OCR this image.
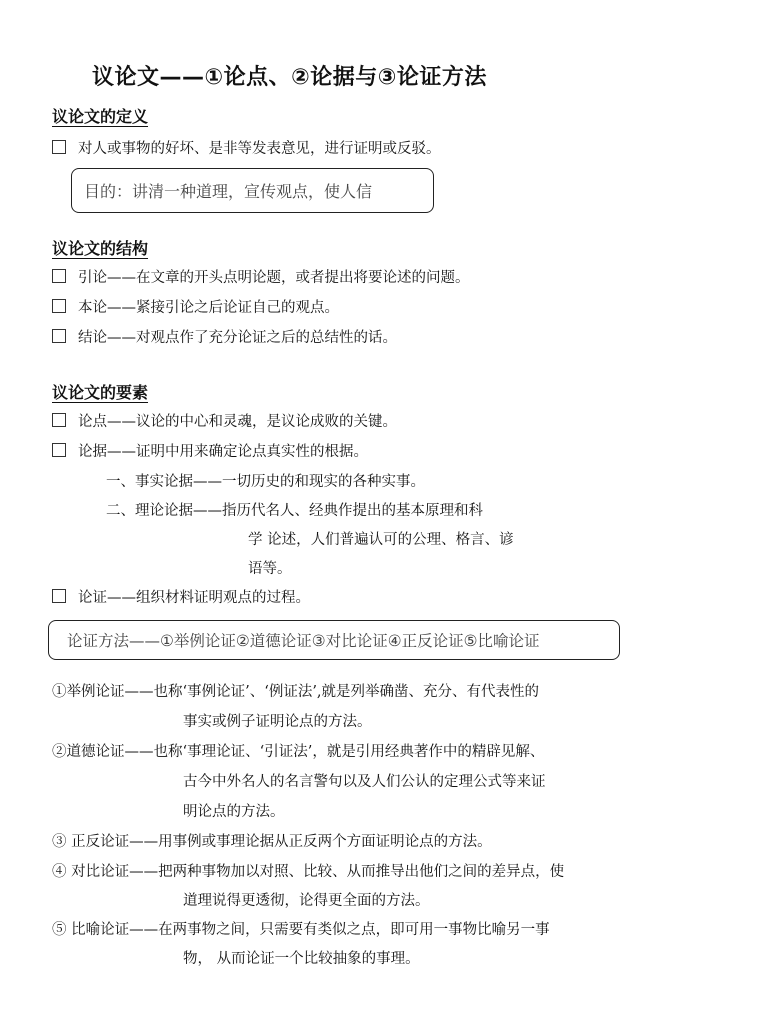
议论文——①论点、②论据与③论证方法
议论文的定义
对人或事物的好坏、是非等发表意见，进行证明或反驳。
目的：讲清一种道理，宣传观点，使人信
议论文的结构
引论——在文章的开头点明论题，或者提出将要论述的问题。
本论——紧接引论之后论证自己的观点。
结论——对观点作了充分论证之后的总结性的话。
议论文的要素
论点——议论的中心和灵魂，是议论成败的关键。
论据——证明中用来确定论点真实性的根据。
一、事实论据——一切历史的和现实的各种实事。
二、理论论据——指历代名人、经典作提出的基本原理和科
学 论述，人们普遍认可的公理、格言、谚
语等。
论证——组织材料证明观点的过程。
论证方法——①举例论证②道德论证③对比论证④正反论证⑤比喻论证
①举例论证——也称‘事例论证’、‘例证法’,就是列举确凿、充分、有代表性的
事实或例子证明论点的方法。
②道德论证——也称‘事理论证、‘引证法’，就是引用经典著作中的精辟见解、
古今中外名人的名言警句以及人们公认的定理公式等来证
明论点的方法。
③ 正反论证——用事例或事理论据从正反两个方面证明论点的方法。
④ 对比论证——把两种事物加以对照、比较、从而推导出他们之间的差异点，使
道理说得更透彻，论得更全面的方法。
⑤ 比喻论证——在两事物之间，只需要有类似之点，即可用一事物比喻另一事
物， 从而论证一个比较抽象的事理。
